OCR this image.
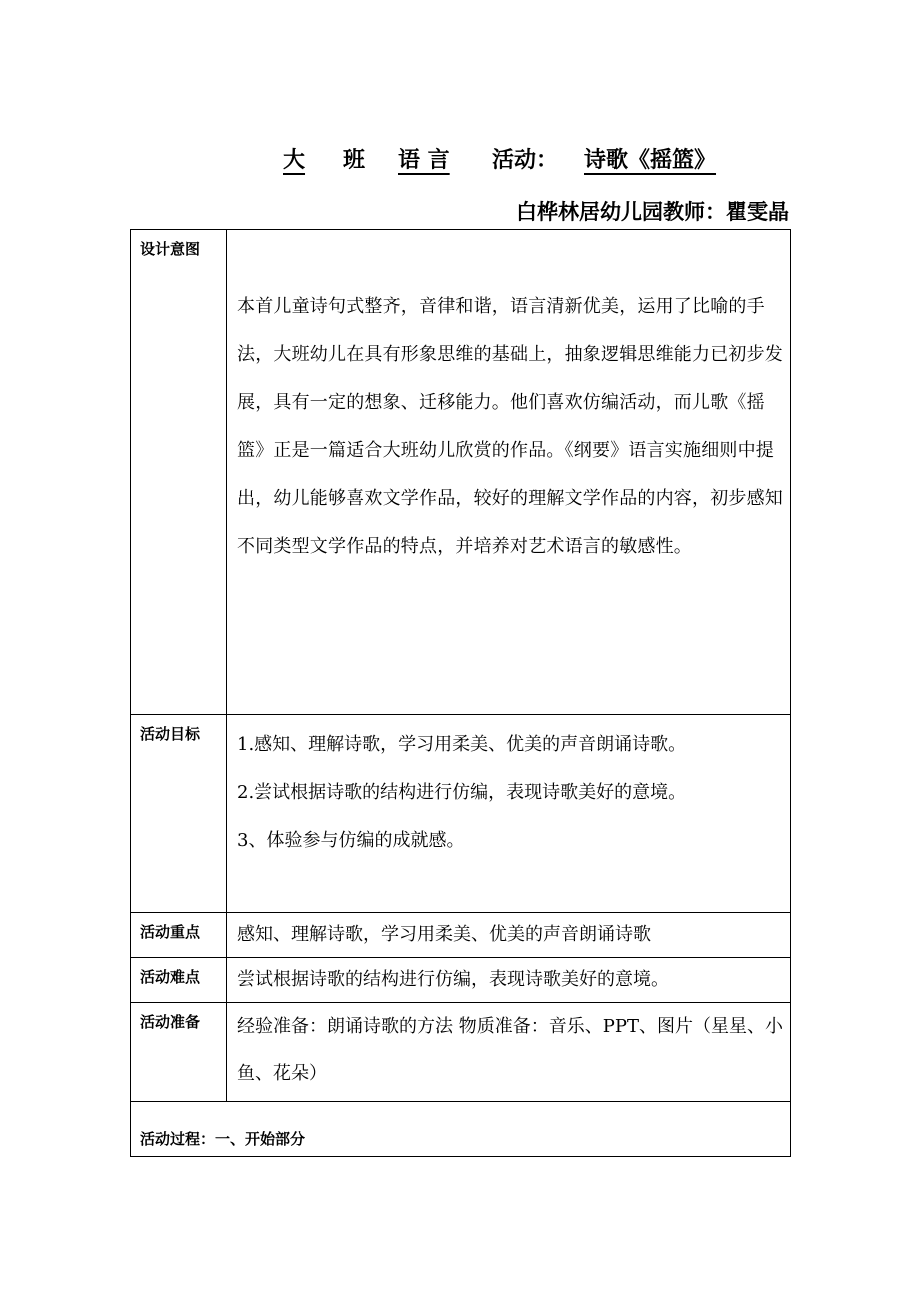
大	班 语 言 活动： 诗歌《摇篮》
白桦林居幼儿园教师：瞿雯晶
设计意图	本首儿童诗句式整齐，音律和谐，语言清新优美，运用了比喻的手法，大班幼儿在具有形象思维的基础上，抽象逻辑思维能力已初步发展，具有一定的想象、迁移能力。他们喜欢仿编活动，而儿歌《摇篮》正是一篇适合大班幼儿欣赏的作品。《纲要》语言实施细则中提出，幼儿能够喜欢文学作品，较好的理解文学作品的内容，初步感知不同类型文学作品的特点，并培养对艺术语言的敏感性。

活动目标	1.感知、理解诗歌，学习用柔美、优美的声音朗诵诗歌。
2.尝试根据诗歌的结构进行仿编，表现诗歌美好的意境。
3、体验参与仿编的成就感。

活动重点	感知、理解诗歌，学习用柔美、优美的声音朗诵诗歌
活动难点	尝试根据诗歌的结构进行仿编，表现诗歌美好的意境。
活动准备	经验准备：朗诵诗歌的方法 物质准备：音乐、PPT、图片（星星、小鱼、花朵）

活动过程：一、开始部分	
